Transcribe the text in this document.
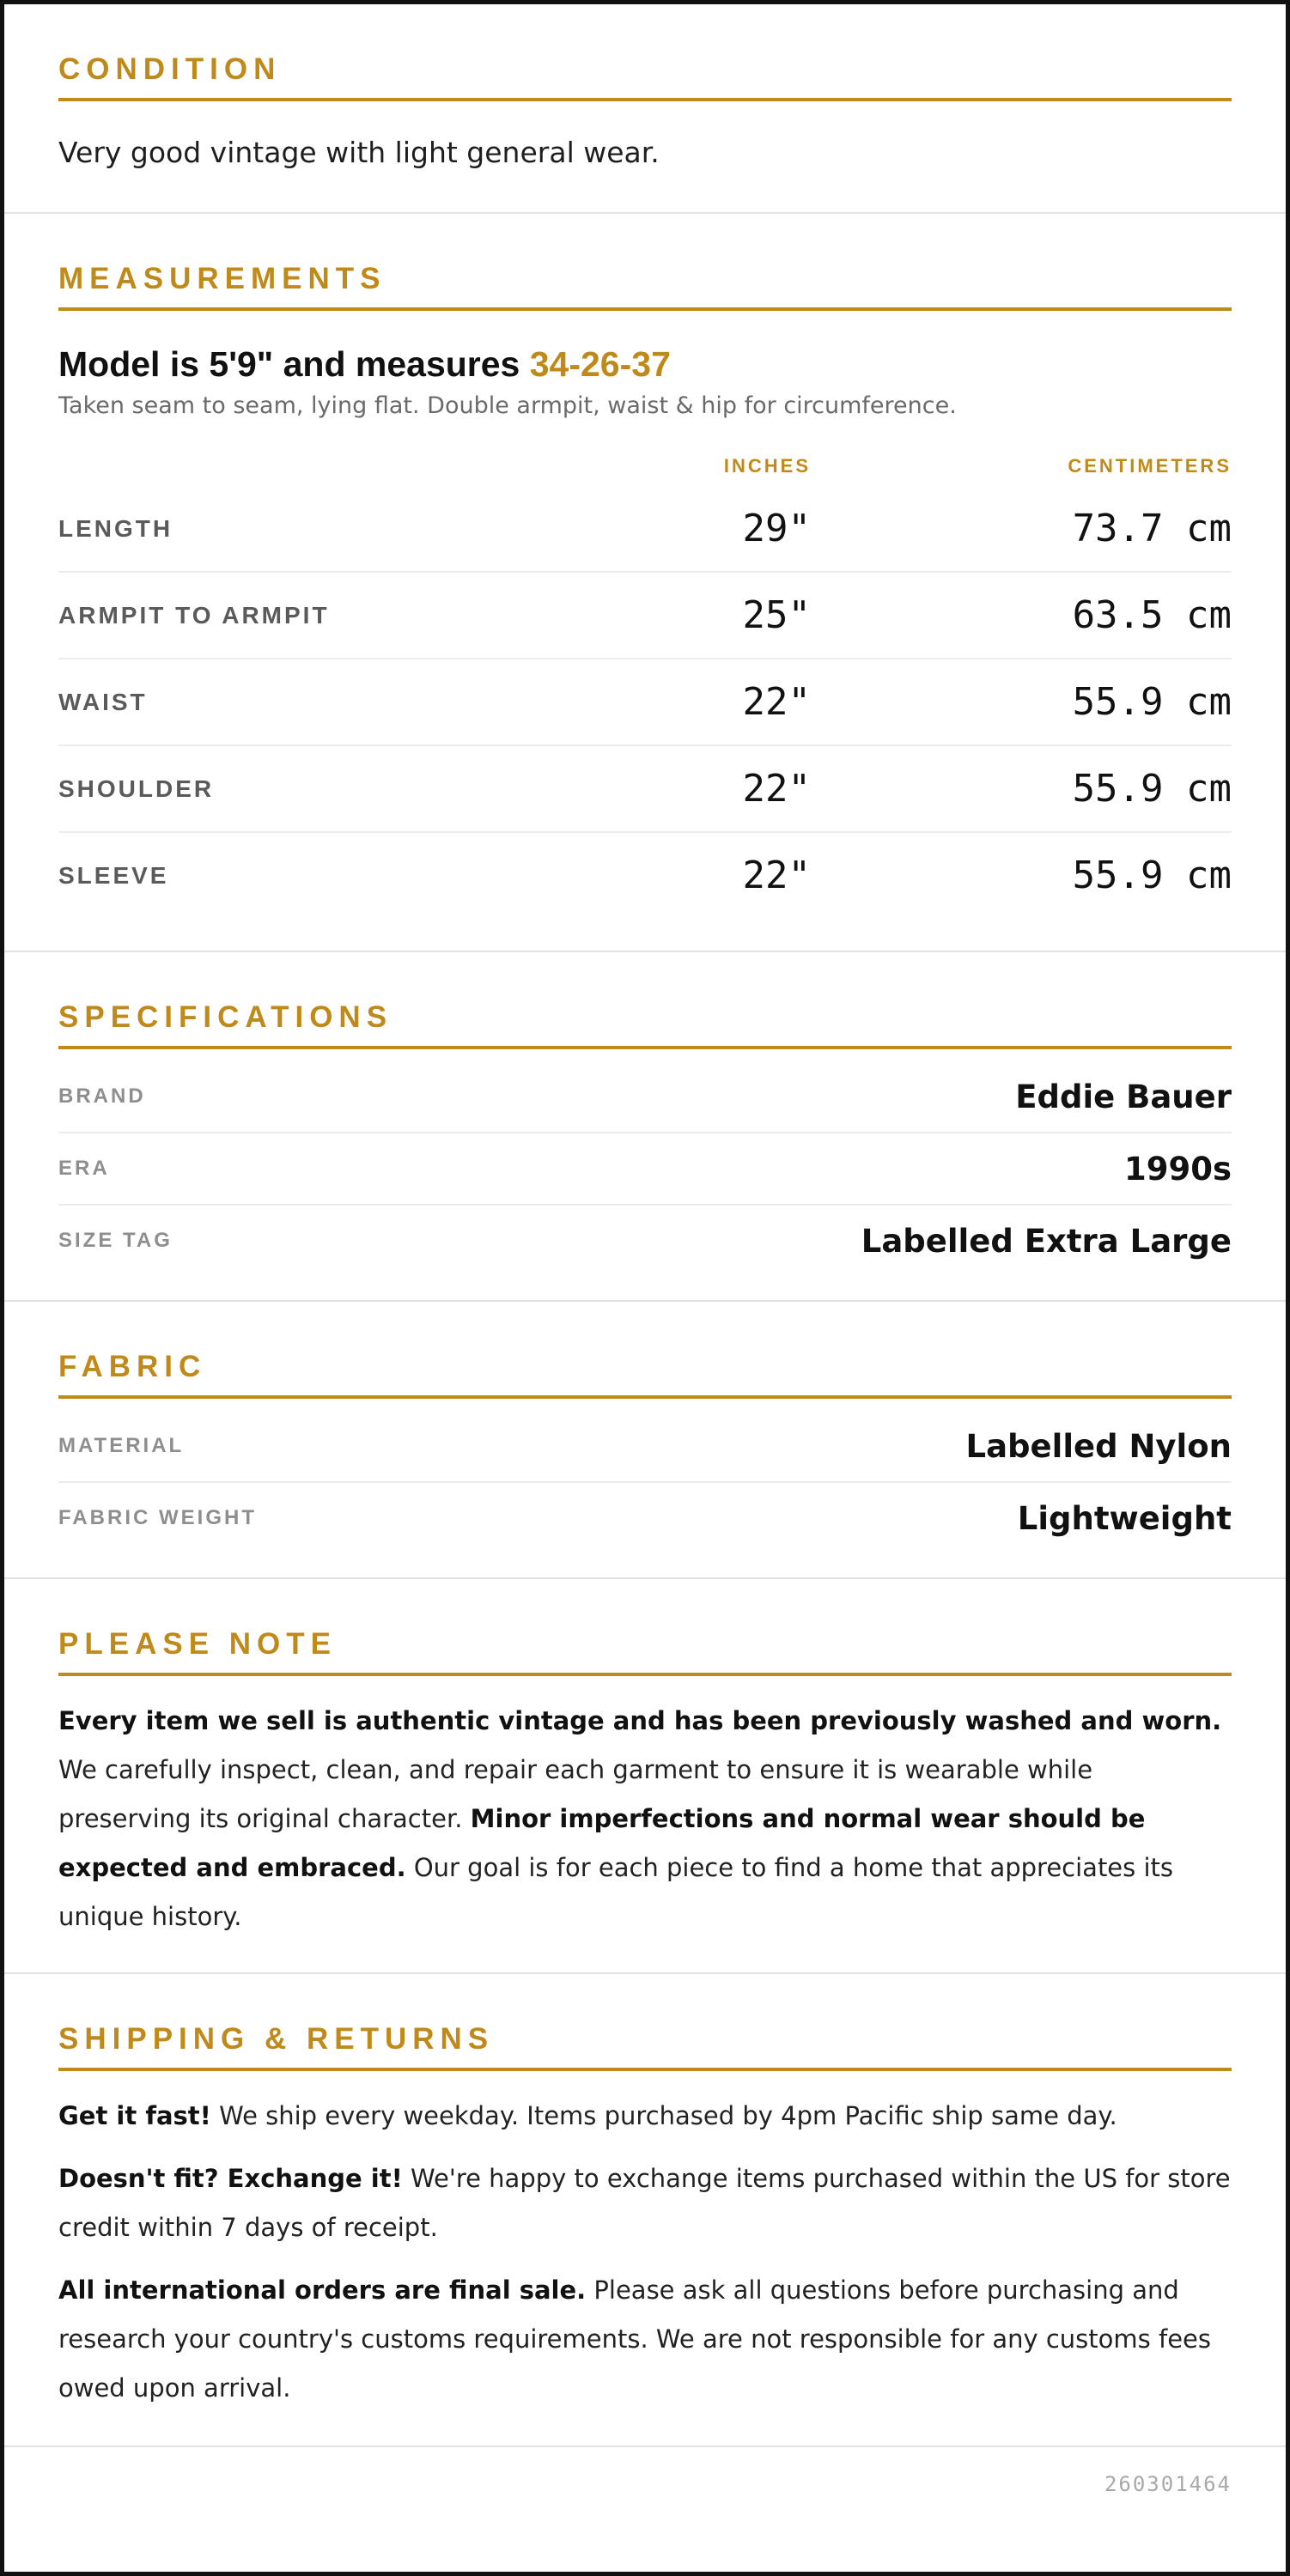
CONDITION
Very good vintage with light general wear.
MEASUREMENTS
Model is 5'9" and measures 34-26-37
Taken seam to seam, lying flat. Double armpit, waist & hip for circumference.
INCHES	CENTIMETERS
LENGTH	29"	73.7 cm
ARMPIT TO ARMPIT	25"	63.5 cm
WAIST	22"	55.9 cm
SHOULDER	22"	55.9 cm
SLEEVE	22"	55.9 cm
SPECIFICATIONS
BRAND	Eddie Bauer
ERA	1990s
SIZE TAG	Labelled Extra Large
FABRIC
MATERIAL	Labelled Nylon
FABRIC WEIGHT	Lightweight
PLEASE NOTE

Every item we sell is authentic vintage and has been previously washed and worn. We carefully inspect, clean, and repair each garment to ensure it is wearable while preserving its original character. Minor imperfections and normal wear should be expected and embraced. Our goal is for each piece to find a home that appreciates its unique history.

SHIPPING & RETURNS

Get it fast! We ship every weekday. Items purchased by 4pm Pacific ship same day.

Doesn't fit? Exchange it! We're happy to exchange items purchased within the US for store credit within 7 days of receipt.

All international orders are final sale. Please ask all questions before purchasing and research your country's customs requirements. We are not responsible for any customs fees owed upon arrival.

260301464
